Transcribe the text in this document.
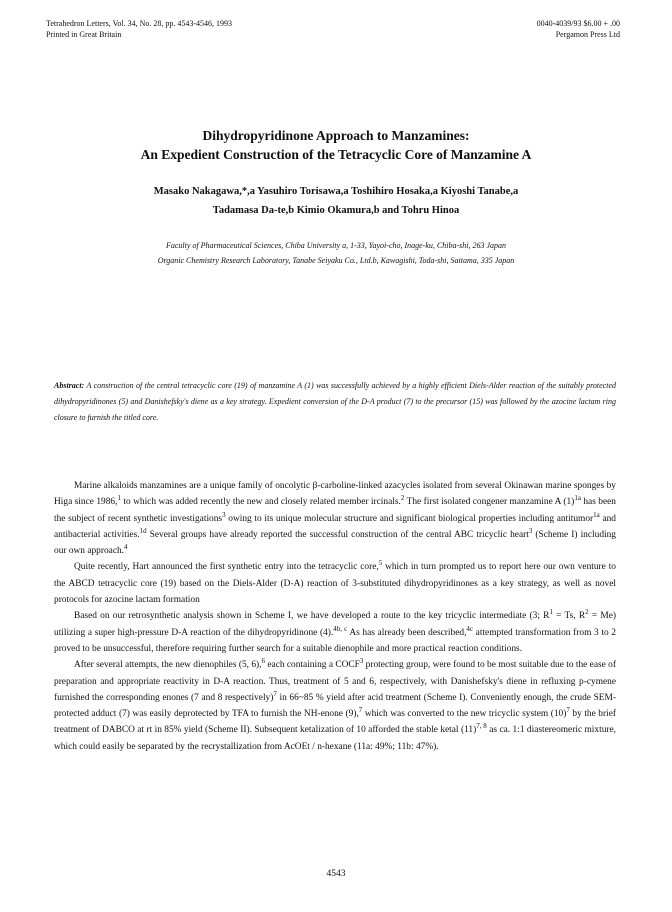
Tetrahedron Letters, Vol. 34, No. 28, pp. 4543-4546, 1993
Printed in Great Britain
0040-4039/93 $6.00 + .00
Pergamon Press Ltd
Dihydropyridinone Approach to Manzamines:
An Expedient Construction of the Tetracyclic Core of Manzamine A
Masako Nakagawa,*,a Yasuhiro Torisawa,a Toshihiro Hosaka,a Kiyoshi Tanabe,a
Tadamasa Da-te,b Kimio Okamura,b and Tohru Hinoa
Faculty of Pharmaceutical Sciences, Chiba University a, 1-33, Yayoi-cho, Inage-ku, Chiba-shi, 263 Japan
Organic Chemistry Research Laboratory, Tanabe Seiyaku Co., Ltd.b, Kawagishi, Toda-shi, Saitama, 335 Japan
Abstract: A construction of the central tetracyclic core (19) of manzamine A (1) was successfully achieved by a highly efficient Diels-Alder reaction of the suitably protected dihydropyridinones (5) and Danishefsky's diene as a key strategy. Expedient conversion of the D-A product (7) to the precursor (15) was followed by the azocine lactam ring closure to furnish the titled core.

Marine alkaloids manzamines are a unique family of oncolytic β-carboline-linked azacycles isolated from several Okinawan marine sponges by Higa since 1986,$^1$ to which was added recently the new and closely related member ircinals.$^2$ The first isolated congener manzamine A $(1)^{1a}$ has been the subject of recent synthetic investigations$^3$ owing to its unique molecular structure and significant biological properties including antitumor$^{1a}$ and antibacterial activities.$^{1d}$ Several groups have already reported the successful construction of the central ABC tricyclic heart$^3$ (Scheme I) including our own approach.$^4$

Quite recently, Hart announced the first synthetic entry into the tetracyclic core,$^5$ which in turn prompted us to report here our own venture to the ABCD tetracyclic core (19) based on the Diels-Alder (D-A) reaction of 3-substituted dihydropyridinones as a key strategy, as well as novel protocols for azocine lactam formation

Based on our retrosynthetic analysis shown in Scheme I, we have developed a route to the key tricyclic intermediate (3; $R^1 = Ts$, $R^2 = Me$) utilizing a super high-pressure D-A reaction of the dihydropyridinone (4).$^{4b, c}$ As has already been described,$^{4c}$ attempted transformation from 3 to 2 proved to be unsuccessful, therefore requiring further search for a suitable dienophile and more practical reaction conditions.

After several attempts, the new dienophiles (5, 6),$^6$ each containing a COCF$^3$ protecting group, were found to be most suitable due to the ease of preparation and appropriate reactivity in D-A reaction. Thus, treatment of 5 and 6, respectively, with Danishefsky's diene in refluxing p-cymene furnished the corresponding enones (7 and 8 respectively)$^7$ in 66~85 % yield after acid treatment (Scheme I). Conveniently enough, the crude SEM-protected adduct (7) was easily deprotected by TFA to furnish the NH-enone (9),$^7$ which was converted to the new tricyclic system $(10)^7$ by the brief treatment of DABCO at rt in 85% yield (Scheme II). Subsequent ketalization of 10 afforded the stable ketal $(11)^{7, 8}$ as ca. 1:1 diastereomeric mixture, which could easily be separated by the recrystallization from AcOEt / n-hexane (11a: 49%; 11b: 47%).

4543
